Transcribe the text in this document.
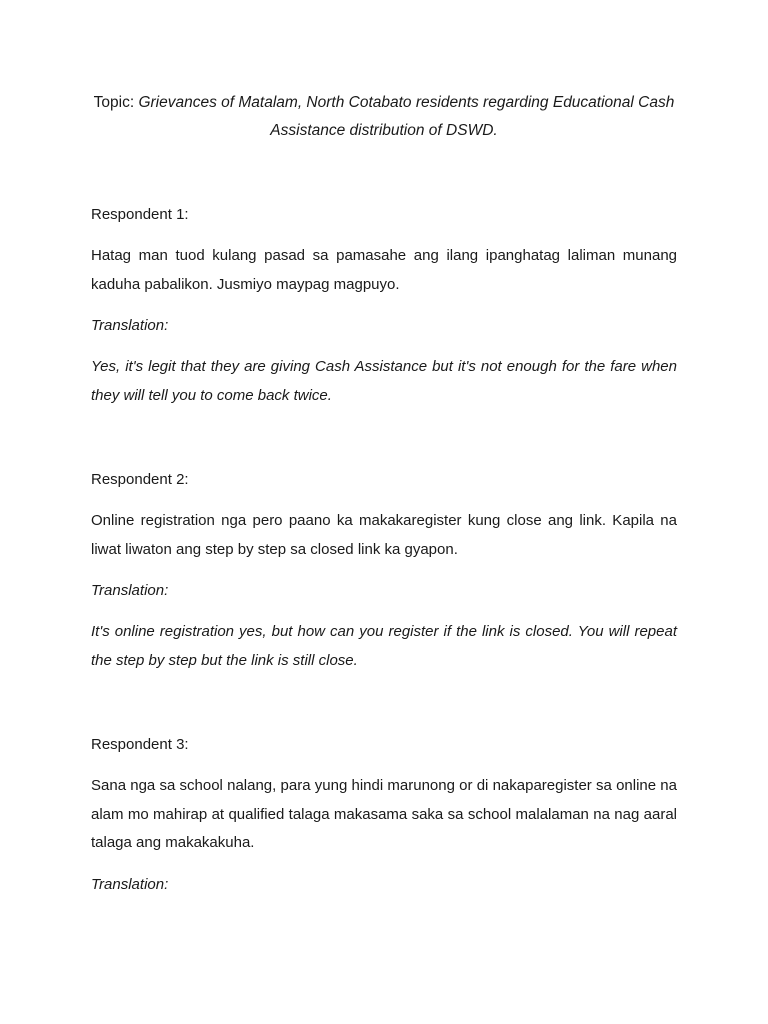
Topic: Grievances of Matalam, North Cotabato residents regarding Educational Cash Assistance distribution of DSWD.

Respondent 1:

Hatag man tuod kulang pasad sa pamasahe ang ilang ipanghatag laliman munang kaduha pabalikon. Jusmiyo maypag magpuyo.

Translation:

Yes, it's legit that they are giving Cash Assistance but it's not enough for the fare when they will tell you to come back twice.

Respondent 2:

Online registration nga pero paano ka makakaregister kung close ang link. Kapila na liwat liwaton ang step by step sa closed link ka gyapon.

Translation:

It's online registration yes, but how can you register if the link is closed. You will repeat the step by step but the link is still close.

Respondent 3:

Sana nga sa school nalang, para yung hindi marunong or di nakaparegister sa online na alam mo mahirap at qualified talaga makasama saka sa school malalaman na nag aaral talaga ang makakakuha.

Translation:
